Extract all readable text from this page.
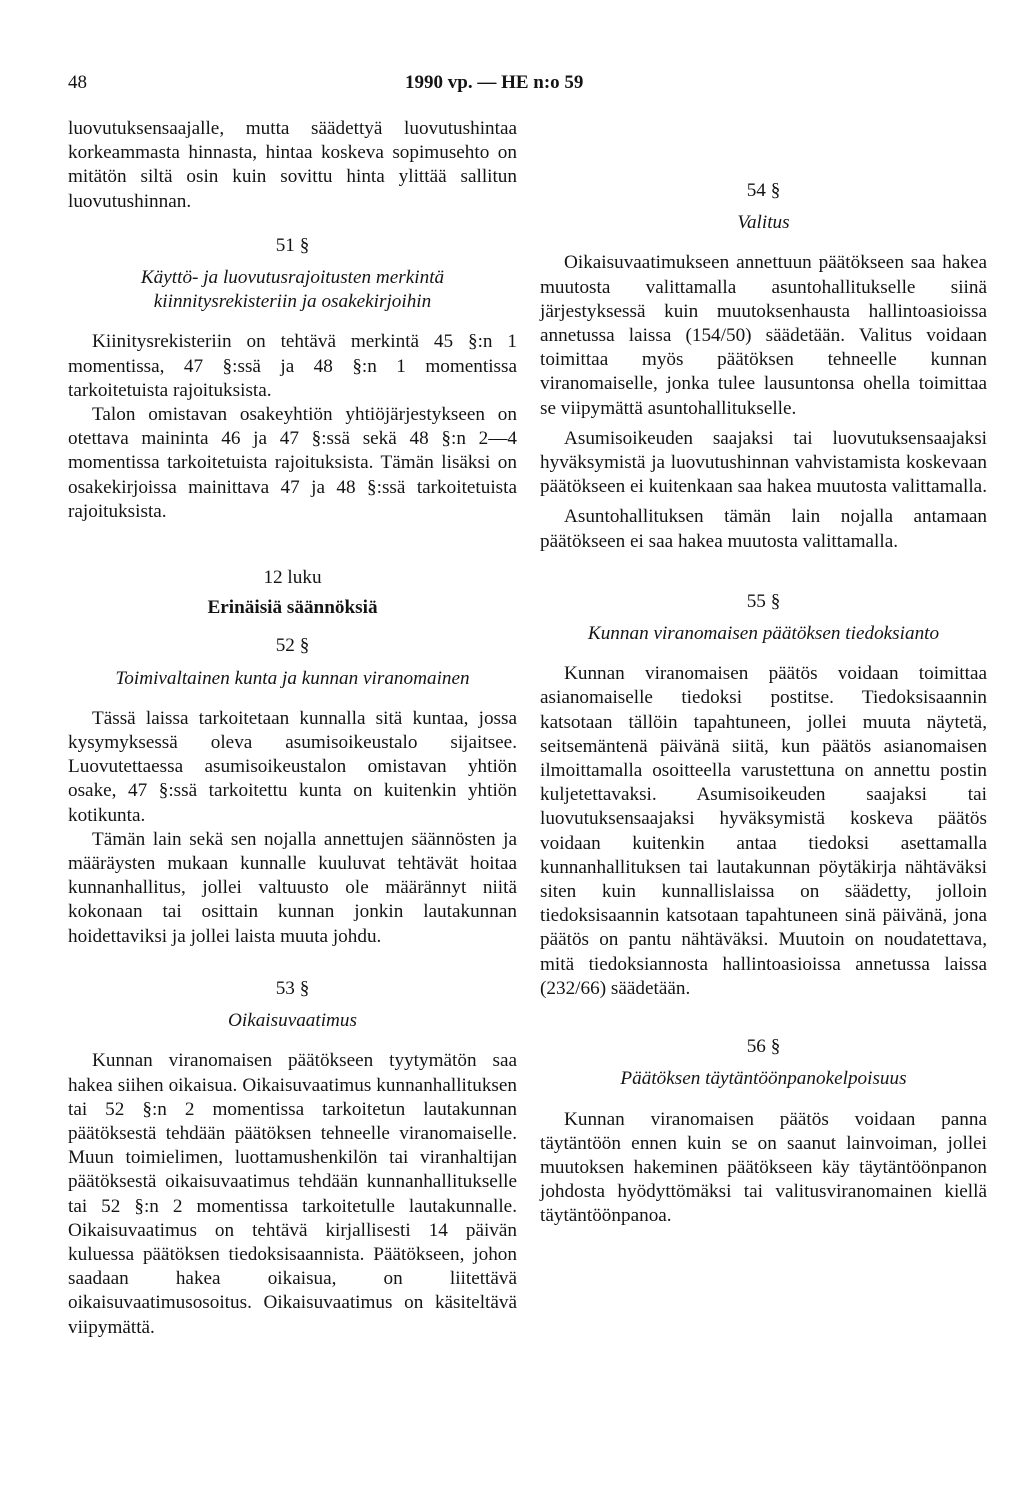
48	1990 vp. — HE n:o 59

luovutuksensaajalle, mutta säädettyä luovutushintaa korkeammasta hinnasta, hintaa koskeva sopimusehto on mitätön siltä osin kuin sovittu hinta ylittää sallitun luovutushinnan.

51 §
Käyttö- ja luovutusrajoitusten merkintä kiinnitysrekisteriin ja osakekirjoihin

Kiinitysrekisteriin on tehtävä merkintä 45 §:n 1 momentissa, 47 §:ssä ja 48 §:n 1 momentissa tarkoitetuista rajoituksista.

Talon omistavan osakeyhtiön yhtiöjärjestykseen on otettava maininta 46 ja 47 §:ssä sekä 48 §:n 2—4 momentissa tarkoitetuista rajoituksista. Tämän lisäksi on osakekirjoissa mainittava 47 ja 48 §:ssä tarkoitetuista rajoituksista.

12 luku
Erinäisiä säännöksiä
52 §
Toimivaltainen kunta ja kunnan viranomainen

Tässä laissa tarkoitetaan kunnalla sitä kuntaa, jossa kysymyksessä oleva asumisoikeustalo sijaitsee. Luovutettaessa asumisoikeustalon omistavan yhtiön osake, 47 §:ssä tarkoitettu kunta on kuitenkin yhtiön kotikunta.

Tämän lain sekä sen nojalla annettujen säännösten ja määräysten mukaan kunnalle kuuluvat tehtävät hoitaa kunnanhallitus, jollei valtuusto ole määrännyt niitä kokonaan tai osittain kunnan jonkin lautakunnan hoidettaviksi ja jollei laista muuta johdu.

53 §
Oikaisuvaatimus

Kunnan viranomaisen päätökseen tyytymätön saa hakea siihen oikaisua. Oikaisuvaatimus kunnanhallituksen tai 52 §:n 2 momentissa tarkoitetun lautakunnan päätöksestä tehdään päätöksen tehneelle viranomaiselle. Muun toimielimen, luottamushenkilön tai viranhaltijan päätöksestä oikaisuvaatimus tehdään kunnanhallitukselle tai 52 §:n 2 momentissa tarkoitetulle lautakunnalle. Oikaisuvaatimus on tehtävä kirjallisesti 14 päivän kuluessa päätöksen tiedoksisaannista. Päätökseen, johon saadaan hakea oikaisua, on liitettävä oikaisuvaatimusosoitus. Oikaisuvaatimus on käsiteltävä viipymättä.

54 §
Valitus

Oikaisuvaatimukseen annettuun päätökseen saa hakea muutosta valittamalla asuntohallitukselle siinä järjestyksessä kuin muutoksenhausta hallintoasioissa annetussa laissa (154/50) säädetään. Valitus voidaan toimittaa myös päätöksen tehneelle kunnan viranomaiselle, jonka tulee lausuntonsa ohella toimittaa se viipymättä asuntohallitukselle.

Asumisoikeuden saajaksi tai luovutuksensaajaksi hyväksymistä ja luovutushinnan vahvistamista koskevaan päätökseen ei kuitenkaan saa hakea muutosta valittamalla.

Asuntohallituksen tämän lain nojalla antamaan päätökseen ei saa hakea muutosta valittamalla.

55 §
Kunnan viranomaisen päätöksen tiedoksianto

Kunnan viranomaisen päätös voidaan toimittaa asianomaiselle tiedoksi postitse. Tiedoksisaannin katsotaan tällöin tapahtuneen, jollei muuta näytetä, seitsemäntenä päivänä siitä, kun päätös asianomaisen ilmoittamalla osoitteella varustettuna on annettu postin kuljetettavaksi. Asumisoikeuden saajaksi tai luovutuksensaajaksi hyväksymistä koskeva päätös voidaan kuitenkin antaa tiedoksi asettamalla kunnanhallituksen tai lautakunnan pöytäkirja nähtäväksi siten kuin kunnallislaissa on säädetty, jolloin tiedoksisaannin katsotaan tapahtuneen sinä päivänä, jona päätös on pantu nähtäväksi. Muutoin on noudatettava, mitä tiedoksiannosta hallintoasioissa annetussa laissa (232/66) säädetään.

56 §
Päätöksen täytäntöönpanokelpoisuus

Kunnan viranomaisen päätös voidaan panna täytäntöön ennen kuin se on saanut lainvoiman, jollei muutoksen hakeminen päätökseen käy täytäntöönpanon johdosta hyödyttömäksi tai valitusviranomainen kiellä täytäntöönpanoa.
